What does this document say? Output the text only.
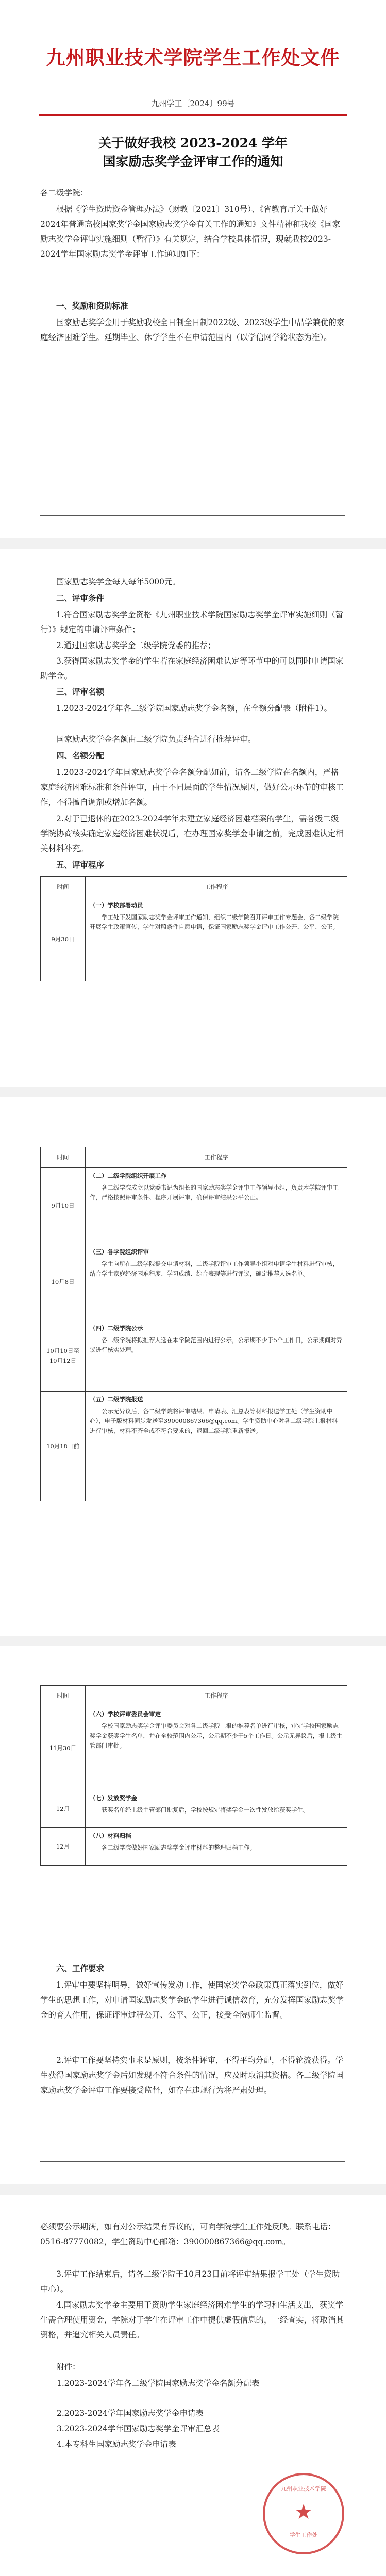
九州职业技术学院学生工作处文件
九州学工〔2024〕99号
关于做好我校 2023-2024 学年
国家励志奖学金评审工作的通知
各二级学院：
根据《学生资助资金管理办法》（财教〔2021〕310号）、《省教育厅关于做好2024年普通高校国家奖学金国家励志奖学金有关工作的通知》文件精神和我校《国家励志奖学金评审实施细则（暂行）》有关规定，结合学校具体情况，现就我校2023-2024学年国家励志奖学金评审工作通知如下：
一、奖励和资助标准
国家励志奖学金用于奖励我校全日制全日制2022级、2023级学生中品学兼优的家庭经济困难学生。延期毕业、休学学生不在申请范围内（以学信网学籍状态为准）。
国家励志奖学金每人每年5000元。
二、评审条件
1.符合国家励志奖学金资格《九州职业技术学院国家励志奖学金评审实施细则（暂行）》规定的申请评审条件；
2.通过国家励志奖学金二级学院党委的推荐；
3.获得国家励志奖学金的学生若在家庭经济困难认定等环节中的可以同时申请国家助学金。
三、评审名额
1.2023-2024学年各二级学院国家励志奖学金名额，在全额分配表（附件1）。
国家励志奖学金名额由二级学院负责结合进行推荐评审。
四、名额分配
1.2023-2024学年国家励志奖学金名额分配如前，请各二级学院在名额内，严格家庭经济困难标准和条件评审，由于不同层面的学生情况原因，做好公示环节的审核工作，不得擅自调剂或增加名额。
2.对于已退休的在2023-2024学年未建立家庭经济困难档案的学生，需各级二级学院协商核实确定家庭经济困难状况后，在办理国家奖学金申请之前，完成困难认定相关材料补充。
五、评审程序
时间	工作程序
9月30日	（一）学校部署动员
学工处下发国家励志奖学金评审工作通知，组织二级学院召开评审工作专题会，各二级学院开展学生政策宣传，学生对照条件自愿申请，保证国家励志奖学金评审工作公开、公平、公正。
时间	工作程序
9月10日	（二）二级学院组织开展工作
各二级学院成立以党委书记为组长的国家励志奖学金评审工作领导小组，负责本学院评审工作，严格按照评审条件、程序开展评审，确保评审结果公平公正。

10月8日	（三）各学院组织评审
学生向所在二级学院提交申请材料，二级学院评审工作领导小组对申请学生材料进行审核，结合学生家庭经济困难程度、学习成绩、综合表现等进行评议，确定推荐人选名单。

10月10日至10月12日	（四）二级学院公示
各二级学院将拟推荐人选在本学院范围内进行公示，公示期不少于5个工作日，公示期间对异议进行核实处理。

10月18日前	（五）二级学院报送
公示无异议后，各二级学院将评审结果、申请表、汇总表等材料报送学工处（学生资助中心），电子版材料同步发送至390000867366@qq.com。学生资助中心对各二级学院上报材料进行审核，材料不齐全或不符合要求的，退回二级学院重新报送。
时间	工作程序
11月30日	（六）学校评审委员会审定
学校国家励志奖学金评审委员会对各二级学院上报的推荐名单进行审核，审定学校国家励志奖学金获奖学生名单，并在全校范围内公示，公示期不少于5个工作日。公示无异议后，报上级主管部门审批。

12月	（七）发放奖学金
获奖名单经上级主管部门批复后，学校按规定将奖学金一次性发放给获奖学生。

12月	（八）材料归档
各二级学院做好国家励志奖学金评审材料的整理归档工作。
六、工作要求
1.评审中要坚持明导，做好宣传发动工作，使国家奖学金政策真正落实到位，做好学生的思想工作，对申请国家励志奖学金的学生进行诚信教育，充分发挥国家励志奖学金的育人作用，保证评审过程公开、公平、公正，接受全院师生监督。
2.评审工作要坚持实事求是原则，按条件评审，不得平均分配，不得轮流获得。学生获得国家励志奖学金后如发现不符合条件的情况，应及时取消其资格。各二级学院国家励志奖学金评审工作要接受监督，如存在违规行为将严肃处理。
必须要公示期满，如有对公示结果有异议的，可向学院学生工作处反映。联系电话：0516-87770082，学生资助中心邮箱：390000867366@qq.com。
3.评审工作结束后，请各二级学院于10月23日前将评审结果报学工处（学生资助中心）。
4.国家励志奖学金主要用于资助学生家庭经济困难学生的学习和生活支出，获奖学生需合理使用资金，学院对于学生在评审工作中提供虚假信息的，一经查实，将取消其资格，并追究相关人员责任。
附件：
1.2023-2024学年各二级学院国家励志奖学金名额分配表
2.2023-2024学年国家励志奖学金申请表
3.2023-2024学年国家励志奖学金评审汇总表
4.本专科生国家励志奖学金申请表
九州职业技术学院
★
学生工作处
